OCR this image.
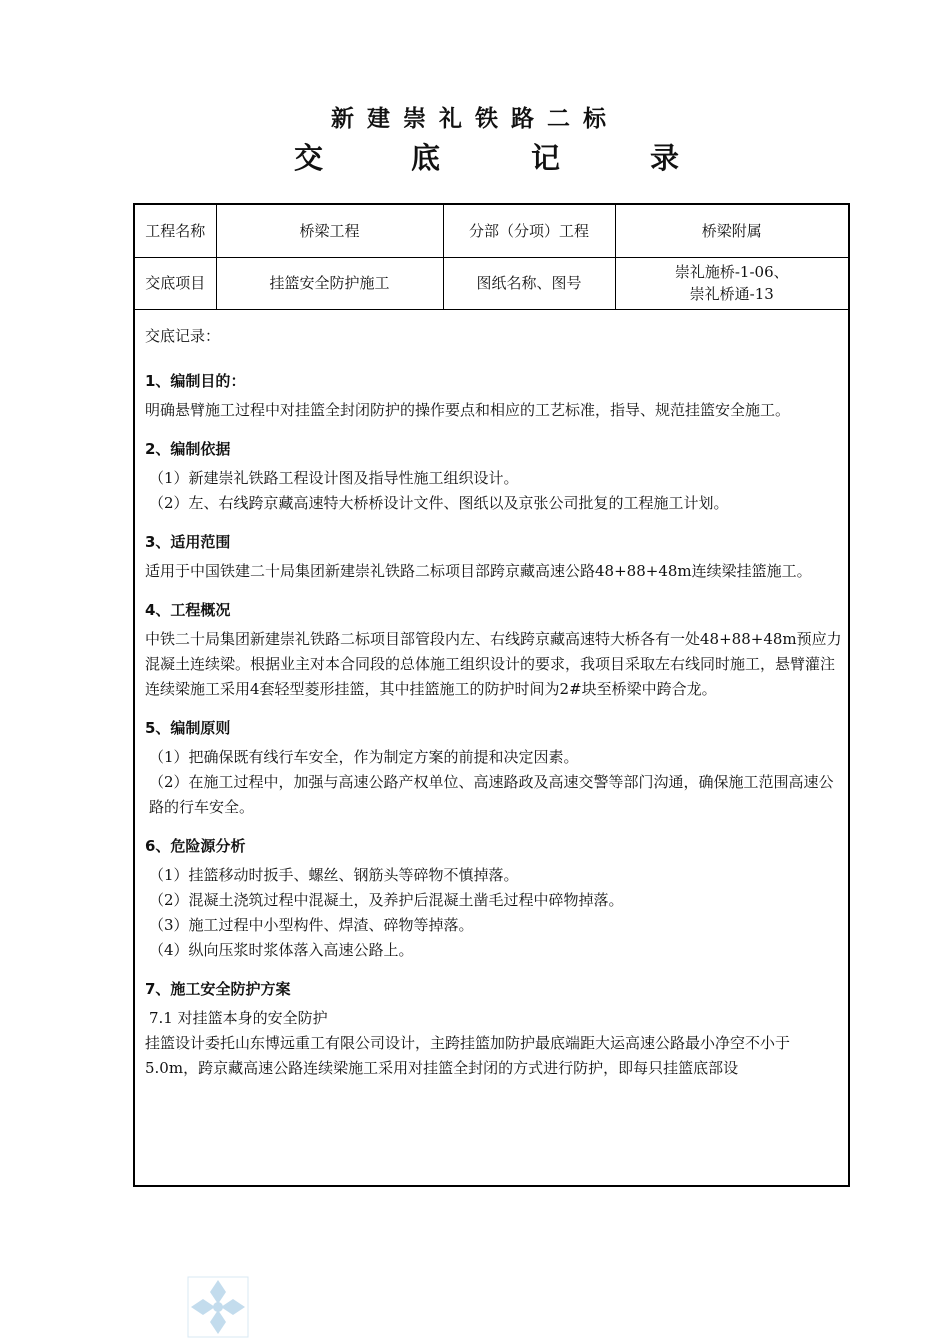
新建崇礼铁路二标
交	底	记	录
工程名称	桥梁工程	分部（分项）工程	桥梁附属
交底项目	挂篮安全防护施工	图纸名称、图号	崇礼施桥-1-06、
崇礼桥通-13

交底记录：

1、编制目的：

明确悬臂施工过程中对挂篮全封闭防护的操作要点和相应的工艺标准，指导、规范挂篮安全施工。

2、编制依据

（1）新建崇礼铁路工程设计图及指导性施工组织设计。

（2）左、右线跨京藏高速特大桥桥设计文件、图纸以及京张公司批复的工程施工计划。

3、适用范围

适用于中国铁建二十局集团新建崇礼铁路二标项目部跨京藏高速公路48+88+48m连续梁挂篮施工。

4、工程概况

中铁二十局集团新建崇礼铁路二标项目部管段内左、右线跨京藏高速特大桥各有一处48+88+48m预应力混凝土连续梁。根据业主对本合同段的总体施工组织设计的要求，我项目采取左右线同时施工，悬臂灌注连续梁施工采用4套轻型菱形挂篮，其中挂篮施工的防护时间为2#块至桥梁中跨合龙。

5、编制原则

（1）把确保既有线行车安全，作为制定方案的前提和决定因素。

（2）在施工过程中，加强与高速公路产权单位、高速路政及高速交警等部门沟通，确保施工范围高速公路的行车安全。

6、危险源分析

（1）挂篮移动时扳手、螺丝、钢筋头等碎物不慎掉落。

（2）混凝土浇筑过程中混凝土，及养护后混凝土凿毛过程中碎物掉落。

（3）施工过程中小型构件、焊渣、碎物等掉落。

（4）纵向压浆时浆体落入高速公路上。

7、施工安全防护方案

7.1 对挂篮本身的安全防护

挂篮设计委托山东博远重工有限公司设计，主跨挂篮加防护最底端距大运高速公路最小净空不小于5.0m，跨京藏高速公路连续梁施工采用对挂篮全封闭的方式进行防护，即每只挂篮底部设
